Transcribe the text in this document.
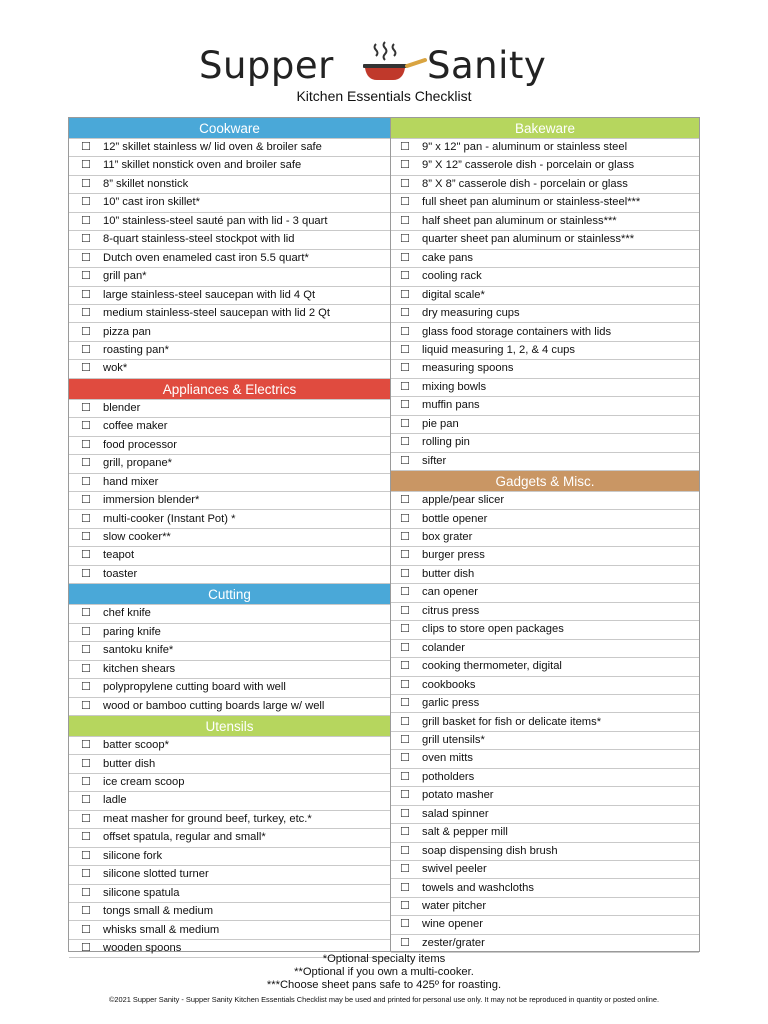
Supper	Sanity
Kitchen Essentials Checklist
Cookware
☐ 12” skillet stainless w/ lid oven & broiler safe
☐ 11” skillet nonstick oven and broiler safe
☐ 8” skillet nonstick
☐ 10” cast iron skillet*
☐ 10” stainless-steel sauté pan with lid - 3 quart
☐ 8-quart stainless-steel stockpot with lid
☐ Dutch oven enameled cast iron 5.5 quart*
☐ grill pan*
☐ large stainless-steel saucepan with lid 4 Qt
☐ medium stainless-steel saucepan with lid 2 Qt
☐ pizza pan
☐ roasting pan*
☐ wok*
Appliances & Electrics
☐ blender
☐ coffee maker
☐ food processor
☐ grill, propane*
☐ hand mixer
☐ immersion blender*
☐ multi-cooker (Instant Pot) *
☐ slow cooker**
☐ teapot
☐ toaster
Cutting
☐ chef knife
☐ paring knife
☐ santoku knife*
☐ kitchen shears
☐ polypropylene cutting board with well
☐ wood or bamboo cutting boards large w/ well
Utensils
☐ batter scoop*
☐ butter dish
☐ ice cream scoop
☐ ladle
☐ meat masher for ground beef, turkey, etc.*
☐ offset spatula, regular and small*
☐ silicone fork
☐ silicone slotted turner
☐ silicone spatula
☐ tongs small & medium
☐ whisks small & medium
☐ wooden spoons
Bakeware
☐ 9" x 12" pan - aluminum or stainless steel
☐ 9” X 12” casserole dish - porcelain or glass
☐ 8” X 8” casserole dish - porcelain or glass
☐ full sheet pan aluminum or stainless-steel***
☐ half sheet pan aluminum or stainless***
☐ quarter sheet pan aluminum or stainless***
☐ cake pans
☐ cooling rack
☐ digital scale*
☐ dry measuring cups
☐ glass food storage containers with lids
☐ liquid measuring 1, 2, & 4 cups
☐ measuring spoons
☐ mixing bowls
☐ muffin pans
☐ pie pan
☐ rolling pin
☐ sifter
Gadgets & Misc.
☐ apple/pear slicer
☐ bottle opener
☐ box grater
☐ burger press
☐ butter dish
☐ can opener
☐ citrus press
☐ clips to store open packages
☐ colander
☐ cooking thermometer, digital
☐ cookbooks
☐ garlic press
☐ grill basket for fish or delicate items*
☐ grill utensils*
☐ oven mitts
☐ potholders
☐ potato masher
☐ salad spinner
☐ salt & pepper mill
☐ soap dispensing dish brush
☐ swivel peeler
☐ towels and washcloths
☐ water pitcher
☐ wine opener
☐ zester/grater
*Optional specialty items
**Optional if you own a multi-cooker.
***Choose sheet pans safe to 425º for roasting.
©2021 Supper Sanity - Supper Sanity Kitchen Essentials Checklist may be used and printed for personal use only. It may not be reproduced in quantity or posted online.
